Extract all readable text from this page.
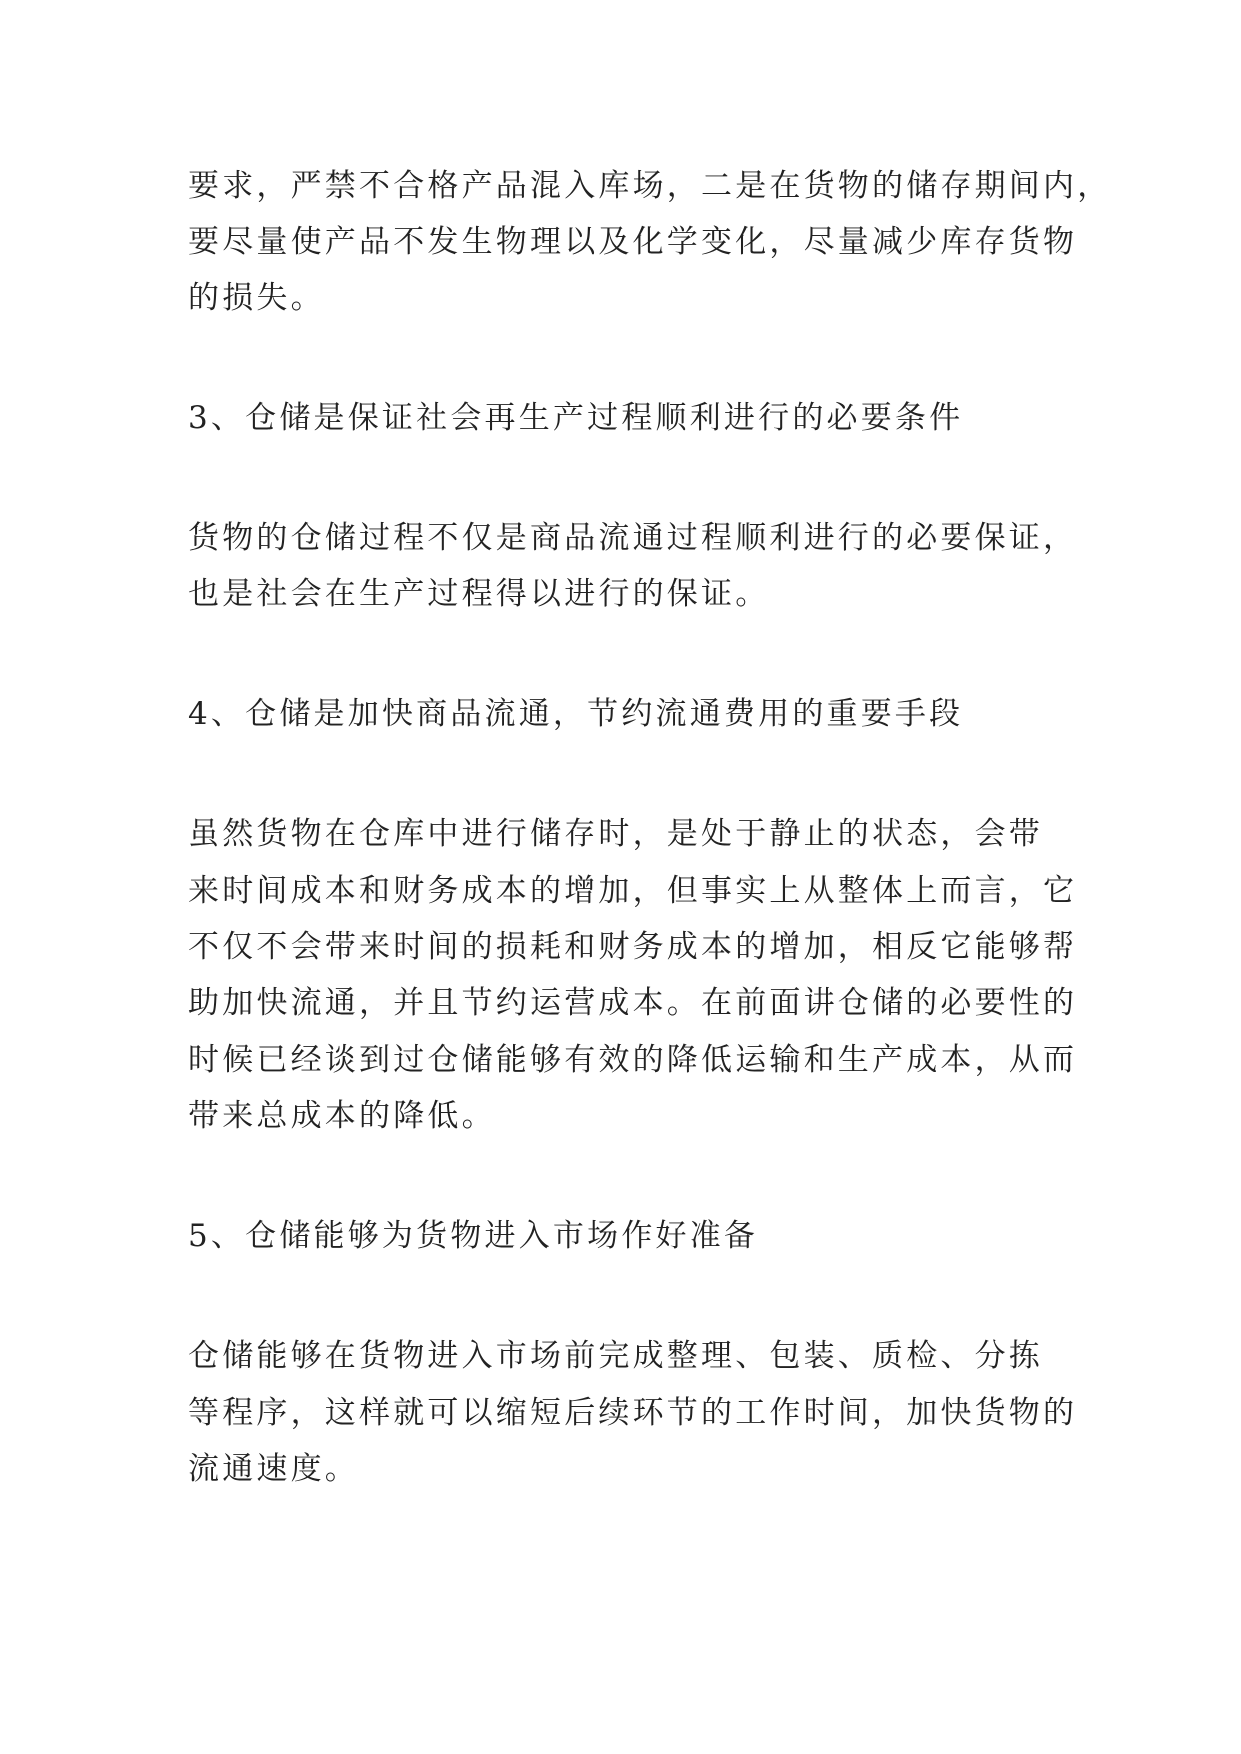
要求，严禁不合格产品混入库场，二是在货物的储存期间内，
要尽量使产品不发生物理以及化学变化，尽量减少库存货物
的损失。
3、仓储是保证社会再生产过程顺利进行的必要条件
货物的仓储过程不仅是商品流通过程顺利进行的必要保证，
也是社会在生产过程得以进行的保证。
4、仓储是加快商品流通，节约流通费用的重要手段
虽然货物在仓库中进行储存时，是处于静止的状态，会带
来时间成本和财务成本的增加，但事实上从整体上而言，它
不仅不会带来时间的损耗和财务成本的增加，相反它能够帮
助加快流通，并且节约运营成本。在前面讲仓储的必要性的
时候已经谈到过仓储能够有效的降低运输和生产成本，从而
带来总成本的降低。
5、仓储能够为货物进入市场作好准备
仓储能够在货物进入市场前完成整理、包装、质检、分拣
等程序，这样就可以缩短后续环节的工作时间，加快货物的
流通速度。
